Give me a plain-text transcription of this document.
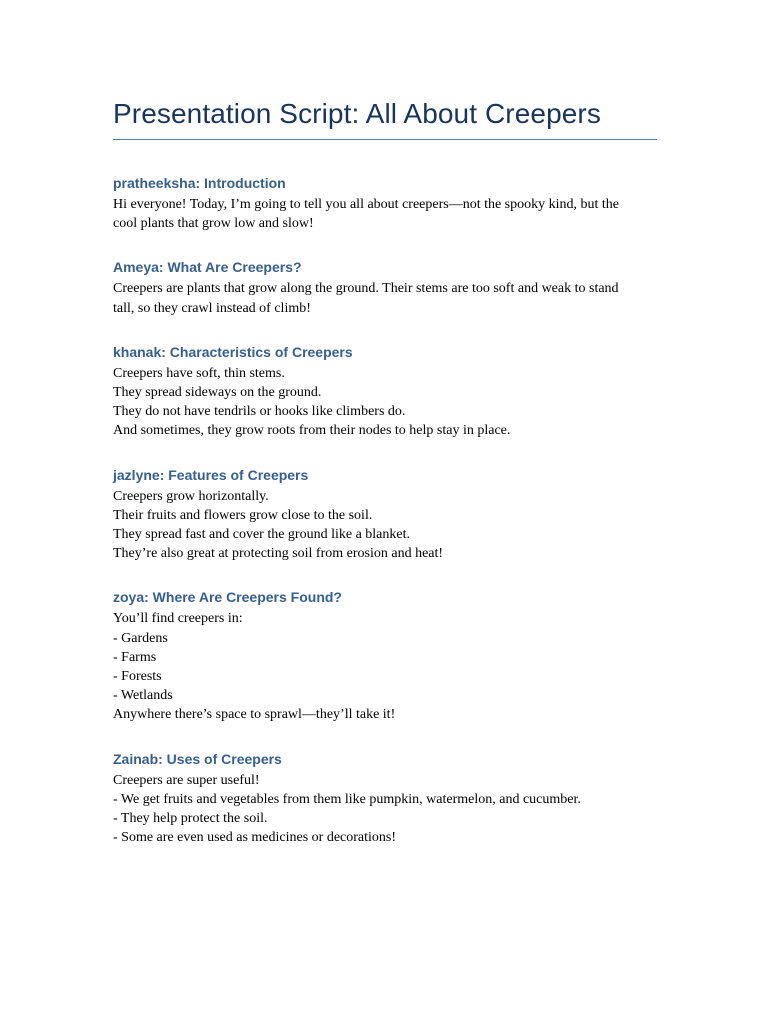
Presentation Script: All About Creepers
pratheeksha: Introduction

Hi everyone! Today, I’m going to tell you all about creepers—not the spooky kind, but the

cool plants that grow low and slow!

Ameya: What Are Creepers?

Creepers are plants that grow along the ground. Their stems are too soft and weak to stand

tall, so they crawl instead of climb!

khanak: Characteristics of Creepers

Creepers have soft, thin stems.

They spread sideways on the ground.

They do not have tendrils or hooks like climbers do.

And sometimes, they grow roots from their nodes to help stay in place.

jazlyne: Features of Creepers

Creepers grow horizontally.

Their fruits and flowers grow close to the soil.

They spread fast and cover the ground like a blanket.

They’re also great at protecting soil from erosion and heat!

zoya: Where Are Creepers Found?

You’ll find creepers in:

- Gardens

- Farms

- Forests

- Wetlands

Anywhere there’s space to sprawl—they’ll take it!

Zainab: Uses of Creepers

Creepers are super useful!

- We get fruits and vegetables from them like pumpkin, watermelon, and cucumber.

- They help protect the soil.

- Some are even used as medicines or decorations!
